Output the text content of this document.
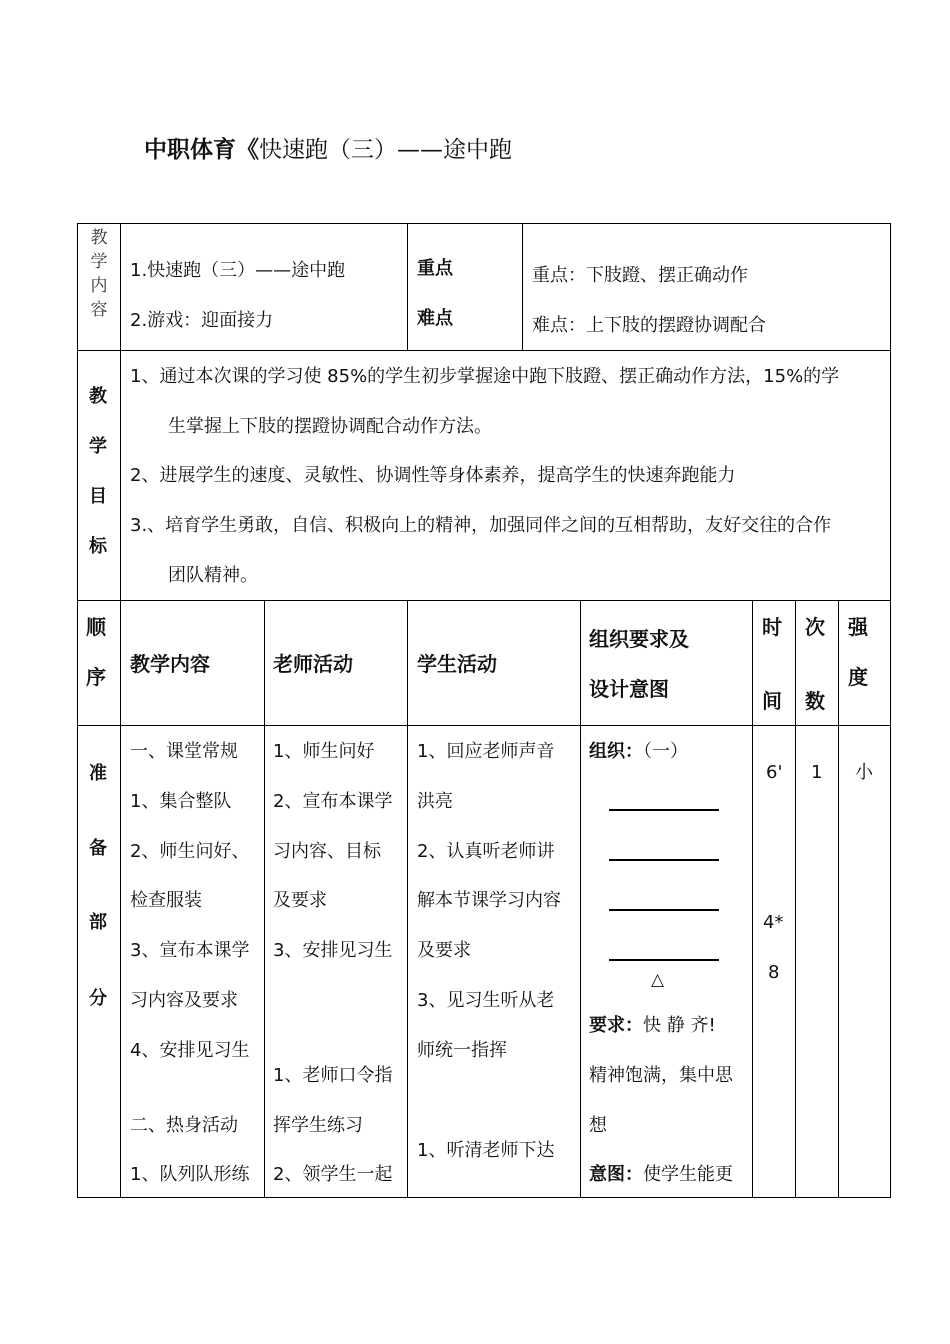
中职体育《快速跑（三）——途中跑
教
学
内
容
1.快速跑（三）——途中跑
2.游戏：迎面接力
重点
难点
重点：下肢蹬、摆正确动作
难点：上下肢的摆蹬协调配合
教
学
目
标
1、通过本次课的学习使 85%的学生初步掌握途中跑下肢蹬、摆正确动作方法，15%的学
生掌握上下肢的摆蹬协调配合动作方法。
2、进展学生的速度、灵敏性、协调性等身体素养，提高学生的快速奔跑能力
3.、培育学生勇敢，自信、积极向上的精神，加强同伴之间的互相帮助，友好交往的合作
团队精神。
顺
序
教学内容	老师活动	学生活动
组织要求及
设计意图
时
间
次
数
强
度
准
备
部
分
一、课堂常规
1、集合整队
2、师生问好、
检查服装
3、宣布本课学
习内容及要求
4、安排见习生
二、热身活动
1、队列队形练
1、师生问好
2、宣布本课学
习内容、目标
及要求
3、安排见习生
1、老师口令指
挥学生练习
2、领学生一起
1、回应老师声音
洪亮
2、认真听老师讲
解本节课学习内容
及要求
3、见习生听从老
师统一指挥
1、听清老师下达
组织：（一）
△
要求：快 静 齐!
精神饱满，集中思
想
意图：使学生能更
6'
4*
8
1 小
